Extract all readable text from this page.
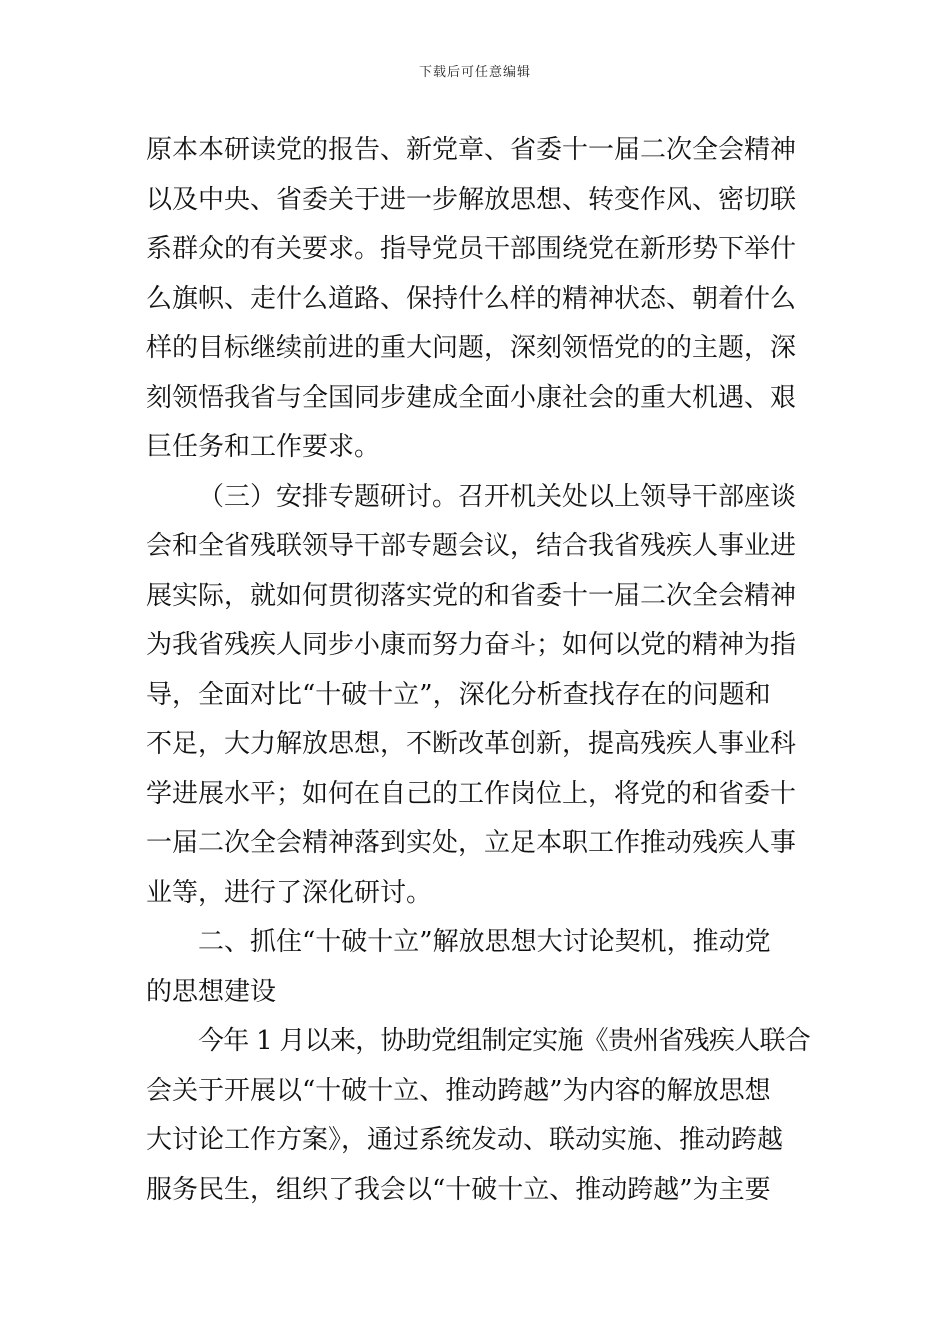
下载后可任意编辑
原本本研读党的报告、新党章、省委十一届二次全会精神
以及中央、省委关于进一步解放思想、转变作风、密切联
系群众的有关要求。指导党员干部围绕党在新形势下举什
么旗帜、走什么道路、保持什么样的精神状态、朝着什么
样的目标继续前进的重大问题，深刻领悟党的的主题，深
刻领悟我省与全国同步建成全面小康社会的重大机遇、艰
巨任务和工作要求。
（三）安排专题研讨。召开机关处以上领导干部座谈
会和全省残联领导干部专题会议，结合我省残疾人事业进
展实际，就如何贯彻落实党的和省委十一届二次全会精神
为我省残疾人同步小康而努力奋斗；如何以党的精神为指
导，全面对比“十破十立”，深化分析查找存在的问题和
不足，大力解放思想，不断改革创新，提高残疾人事业科
学进展水平；如何在自己的工作岗位上，将党的和省委十
一届二次全会精神落到实处，立足本职工作推动残疾人事
业等，进行了深化研讨。
二、抓住“十破十立”解放思想大讨论契机，推动党
的思想建设
今年 1 月以来，协助党组制定实施《贵州省残疾人联合
会关于开展以“十破十立、推动跨越”为内容的解放思想
大讨论工作方案》，通过系统发动、联动实施、推动跨越
服务民生，组织了我会以“十破十立、推动跨越”为主要
